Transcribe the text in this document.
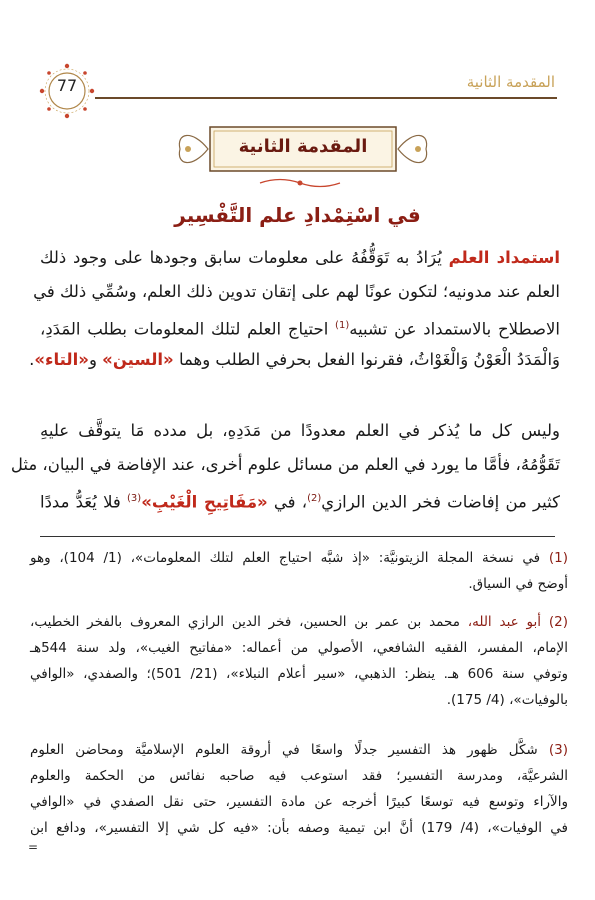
المقدمة الثانية
77
المقدمة الثانية
في اسْتِمْدادِ علم التَّفْسِير
استمداد العلم يُرَادُ به تَوَقُّفُهُ على معلومات سابق وجودها على وجود ذلك
العلم عند مدونيه؛ لتكون عونًا لهم على إتقان تدوين ذلك العلم، وسُمِّي ذلك في
الاصطلاح بالاستمداد عن تشبيه$^{(1)}$ احتياج العلم لتلك المعلومات بطلب المَدَدِ،
وَالْمَدَدُ الْعَوْنُ وَالْغَوْاثُ، فقرنوا الفعل بحرفي الطلب وهما «السين» و«التاء».
وليس كل ما يُذكر في العلم معدودًا من مَدَدِهِ، بل مدده مَا يتوقَّف عليهِ
تَقَوُّمُهُ، فأمَّا ما يورد في العلم من مسائل علوم أخرى، عند الإفاضة في البيان، مثل
كثير من إفاضات فخر الدين الرازي$^{(2)}$، في «مَفَاتِيحِ الْغَيْبِ»$^{(3)}$ فلا يُعَدُّ مددًا
(1) في نسخة المجلة الزيتونيَّة: «إذ شبَّه احتياج العلم لتلك المعلومات»، (1/ 104)، وهو
أوضح في السياق.
(2) أبو عبد الله، محمد بن عمر بن الحسين، فخر الدين الرازي المعروف بالفخر الخطيب،
الإمام، المفسر، الفقيه الشافعي، الأصولي من أعماله: «مفاتيح الغيب»، ولد سنة 544هـ
وتوفي سنة 606 هـ. ينظر: الذهبي، «سير أعلام النبلاء»، (21/ 501)؛ والصفدي، «الوافي
بالوفيات»، (4/ 175).
(3) شكَّل ظهور هذ التفسير جدلًا واسعًا في أروقة العلوم الإسلاميَّة ومحاضن العلوم
الشرعيَّة، ومدرسة التفسير؛ فقد استوعب فيه صاحبه نفائس من الحكمة والعلوم
والآراء وتوسع فيه توسعًا كبيرًا أخرجه عن مادة التفسير، حتى نقل الصفدي في «الوافي
في الوفيات»، (4/ 179) أنَّ ابن تيمية وصفه بأن: «فيه كل شي إلا التفسير»، ودافع ابن
=
